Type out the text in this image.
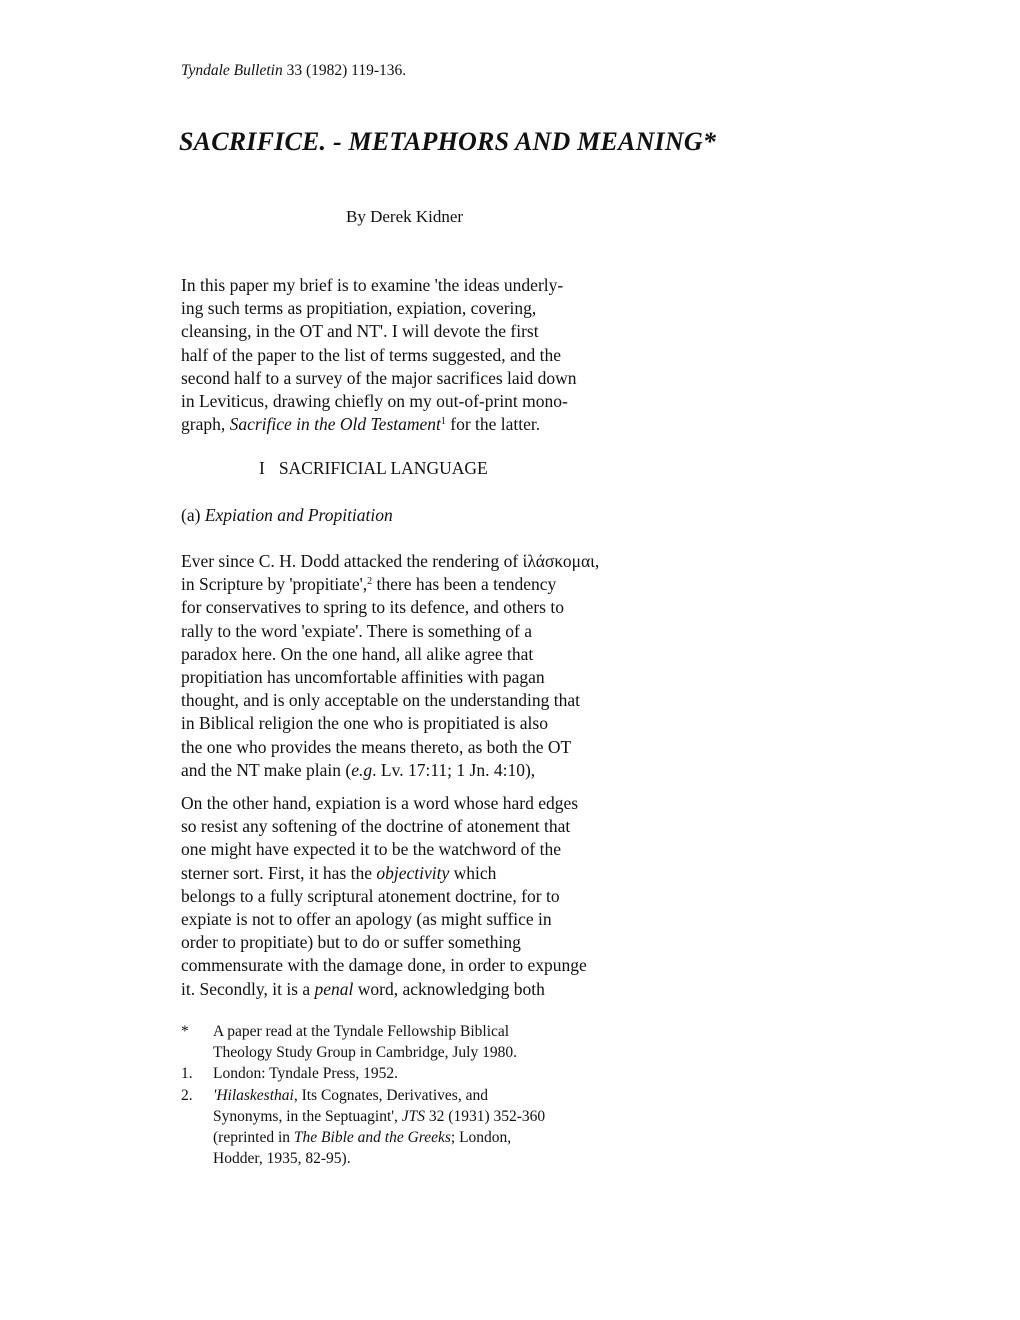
Tyndale Bulletin 33 (1982) 119-136.
SACRIFICE. - METAPHORS AND MEANING*
By Derek Kidner
In this paper my brief is to examine 'the ideas underly-
ing such terms as propitiation, expiation, covering,
cleansing, in the OT and NT'. I will devote the first
half of the paper to the list of terms suggested, and the
second half to a survey of the major sacrifices laid down
in Leviticus, drawing chiefly on my out-of-print mono-
graph, Sacrifice in the Old Testament$^1$ for the latter.
I SACRIFICIAL LANGUAGE
(a) Expiation and Propitiation
Ever since C. H. Dodd attacked the rendering of ἱλάσκομαι,
in Scripture by 'propitiate',$^2$ there has been a tendency
for conservatives to spring to its defence, and others to
rally to the word 'expiate'. There is something of a
paradox here. On the one hand, all alike agree that
propitiation has uncomfortable affinities with pagan
thought, and is only acceptable on the understanding that
in Biblical religion the one who is propitiated is also
the one who provides the means thereto, as both the OT
and the NT make plain (e.g. Lv. 17:11; 1 Jn. 4:10),
On the other hand, expiation is a word whose hard edges
so resist any softening of the doctrine of atonement that
one might have expected it to be the watchword of the
sterner sort. First, it has the objectivity which
belongs to a fully scriptural atonement doctrine, for to
expiate is not to offer an apology (as might suffice in
order to propitiate) but to do or suffer something
commensurate with the damage done, in order to expunge
it. Secondly, it is a penal word, acknowledging both
* A paper read at the Tyndale Fellowship Biblical
Theology Study Group in Cambridge, July 1980.
1. London: Tyndale Press, 1952.
2. 'Hilaskesthai, Its Cognates, Derivatives, and
Synonyms, in the Septuagint', JTS 32 (1931) 352-360
(reprinted in The Bible and the Greeks; London,
Hodder, 1935, 82-95).
